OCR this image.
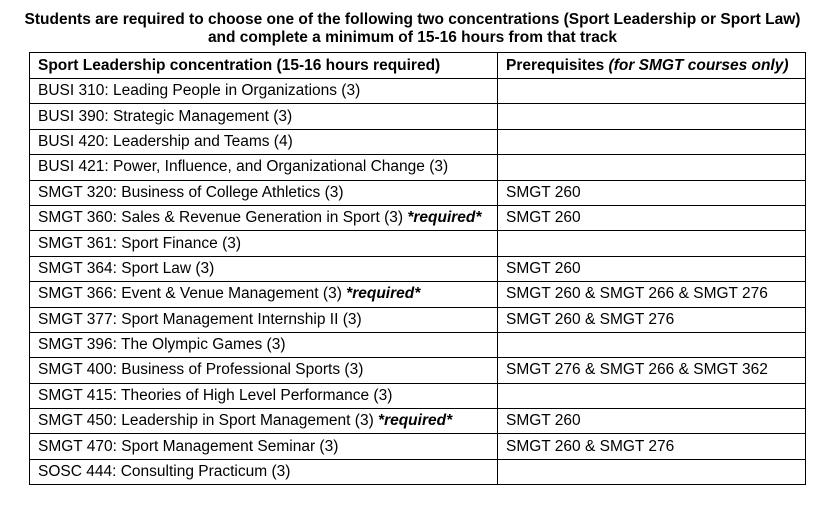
Students are required to choose one of the following two concentrations (Sport Leadership or Sport Law)
and complete a minimum of 15-16 hours from that track
Sport Leadership concentration (15-16 hours required)	Prerequisites (for SMGT courses only)
BUSI 310: Leading People in Organizations (3)	
BUSI 390: Strategic Management (3)	
BUSI 420: Leadership and Teams (4)	
BUSI 421: Power, Influence, and Organizational Change (3)	
SMGT 320: Business of College Athletics (3)	SMGT 260
SMGT 360: Sales & Revenue Generation in Sport (3) *required*	SMGT 260
SMGT 361: Sport Finance (3)	
SMGT 364: Sport Law (3)	SMGT 260
SMGT 366: Event & Venue Management (3) *required*	SMGT 260 & SMGT 266 & SMGT 276
SMGT 377: Sport Management Internship II (3)	SMGT 260 & SMGT 276
SMGT 396: The Olympic Games (3)	
SMGT 400: Business of Professional Sports (3)	SMGT 276 & SMGT 266 & SMGT 362
SMGT 415: Theories of High Level Performance (3)	
SMGT 450: Leadership in Sport Management (3) *required*	SMGT 260
SMGT 470: Sport Management Seminar (3)	SMGT 260 & SMGT 276
SOSC 444: Consulting Practicum (3)	
